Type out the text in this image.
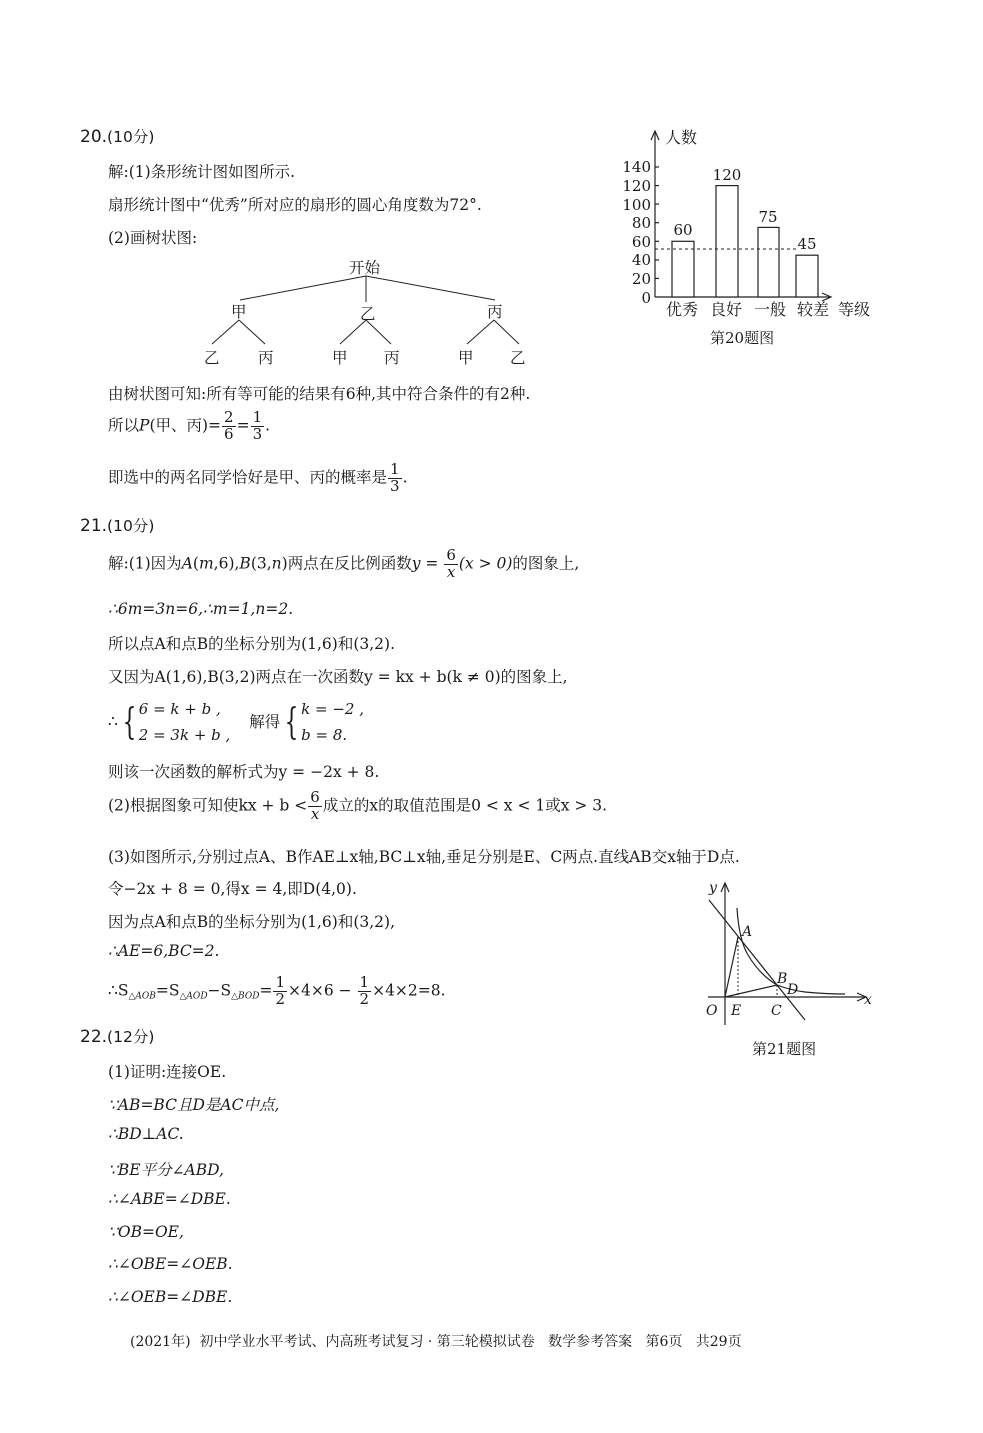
20.(10分)
解:(1)条形统计图如图所示.
扇形统计图中“优秀”所对应的扇形的圆心角度数为72°.
(2)画树状图:
开始
甲	乙	丙
乙 丙	甲 丙	甲 乙
由树状图可知:所有等可能的结果有6种,其中符合条件的有2种.
所以P(甲、丙)= $\frac{2}{6} = \frac{1}{3}$ .
即选中的两名同学恰好是甲、丙的概率是 $\frac{1}{3}$ .
0
20
40
60
80
100
120
140
60
120
75
45
人数
优秀 良好 一般 较差 等级
第20题图
21.(10分)
解:(1)因为A(m,6),B(3,n)两点在反比例函数$y = \frac{6}{x} (x > 0)$的图象上,
∴6m=3n=6,∴m=1,n=2.
所以点A和点B的坐标分别为(1,6)和(3,2).
又因为A(1,6),B(3,2)两点在一次函数y = kx + b(k ≠ 0)的图象上,
∴ { 6 = k + b ,
2 = 3k + b , 解得 { k = −2 ,
b = 8.
则该一次函数的解析式为y = −2x + 8.
(2)根据图象可知使kx + $b < \frac{6}{x}$ 成立的x的取值范围是0 < x < 1或x > 3.
(3)如图所示,分别过点A、B作AE⊥x轴,BC⊥x轴,垂足分别是E、C两点.直线AB交x轴于D点.
令−2x + 8 = 0,得x = 4,即D(4,0).
因为点A和点B的坐标分别为(1,6)和(3,2),
∴AE=6,BC=2.
$\therefore S_{\triangle AOB}=S_{\triangle AOD}-S_{\triangle BOD}= \frac{1}{2} \times 4\times 6 - \frac{1}{2} \times 4\times 2=8$.
y
x
O E C
A
B
D
第21题图
22.(12分)
(1)证明:连接OE.
∵AB=BC且D是AC中点,
∴BD⊥AC.
∵BE平分∠ABD,
∴∠ABE=∠DBE.
∵OB=OE,
∴∠OBE=∠OEB.
∴∠OEB=∠DBE.
(2021年)  初中学业水平考试、内高班考试复习 · 第三轮模拟试卷   数学参考答案   第6页   共29页
